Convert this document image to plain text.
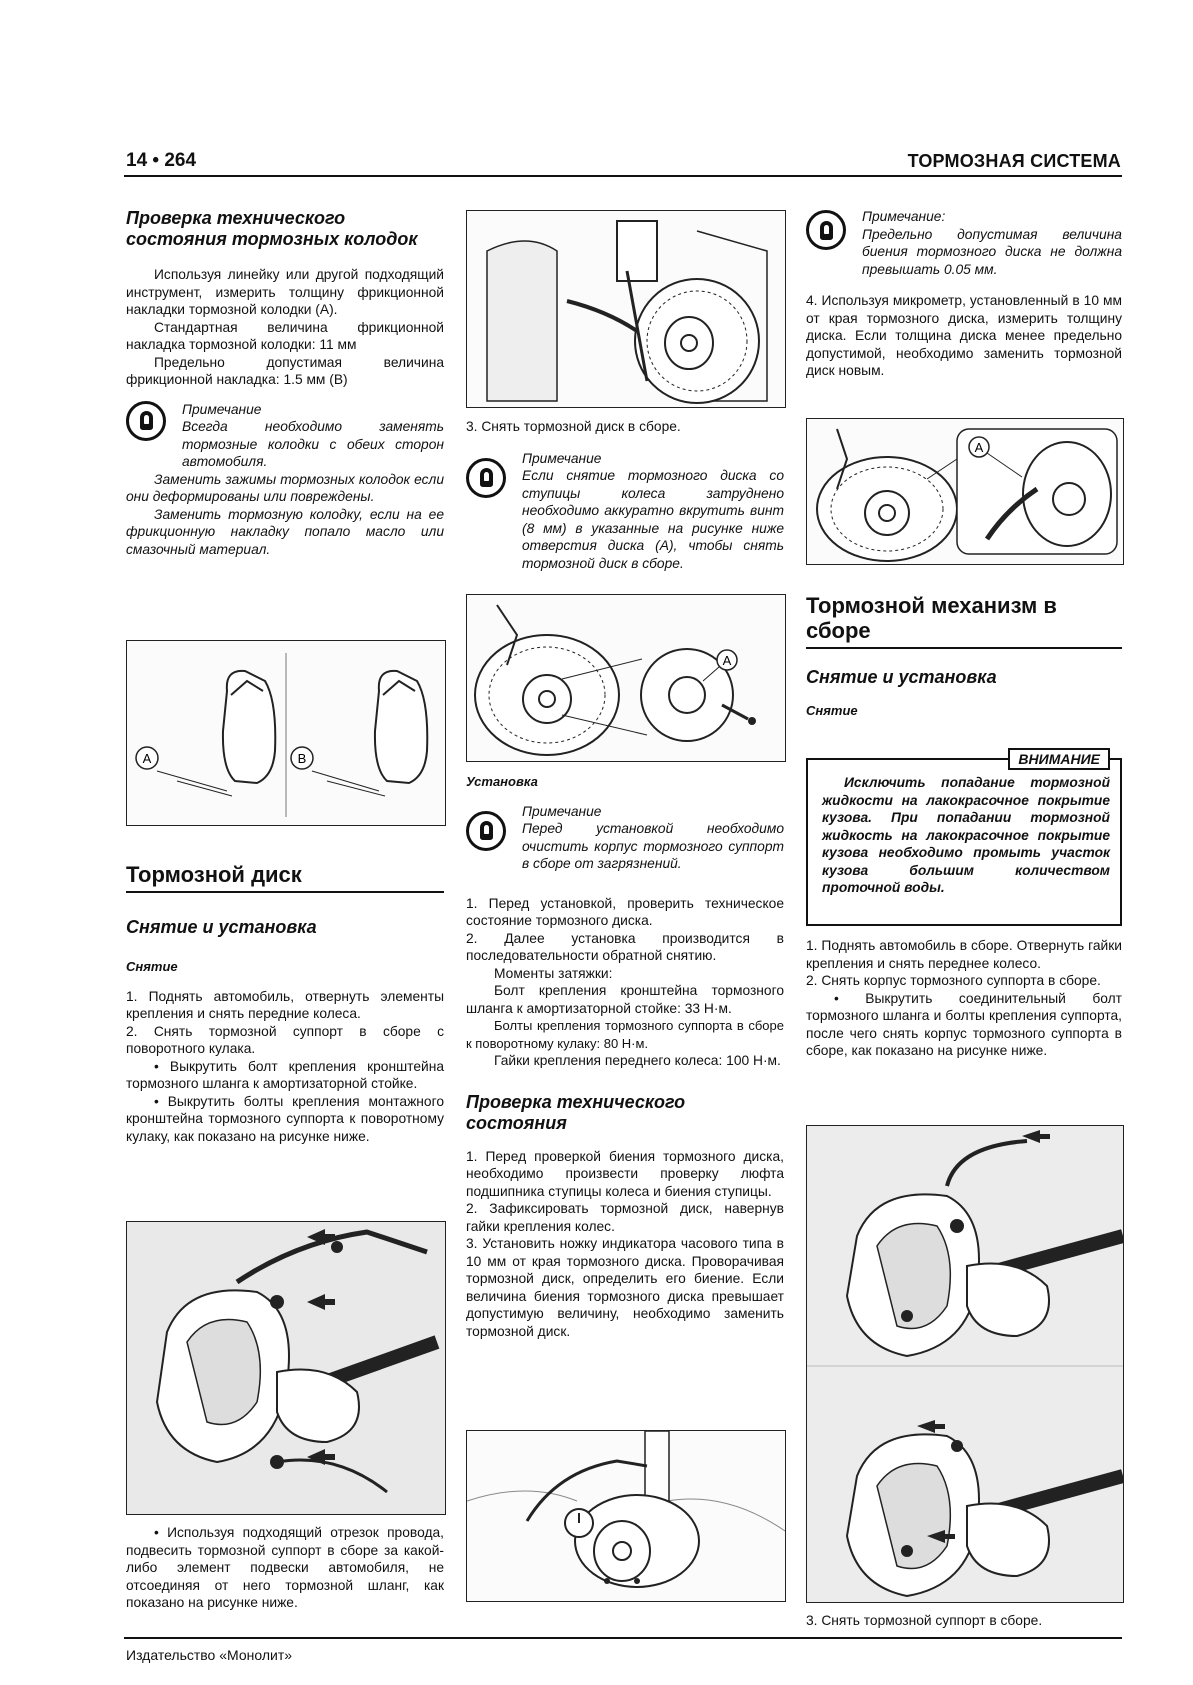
14 • 264	ТОРМОЗНАЯ СИСТЕМА
Проверка технического состояния тормозных колодок

Используя линейку или другой подходящий инструмент, измерить толщину фрикционной накладки тормозной колодки (A).

Стандартная величина фрикционной накладка тормозной колодки: 11 мм

Предельно допустимая величина фрикционной накладка: 1.5 мм (B)

Примечание

Всегда необходимо заменять тормозные колодки с обеих сторон автомобиля.

Заменить зажимы тормозных колодок если они деформированы или повреждены.

Заменить тормозную колодку, если на ее фрикционную накладку попало масло или смазочный материал.

A	B
Тормозной диск
Снятие и установка

Снятие

1. Поднять автомобиль, отвернуть элементы крепления и снять передние колеса.

2. Снять тормозной суппорт в сборе с поворотного кулака.

• Выкрутить болт крепления кронштейна тормозного шланга к амортизаторной стойке.

• Выкрутить болты крепления монтажного кронштейна тормозного суппорта к поворотному кулаку, как показано на рисунке ниже.

• Используя подходящий отрезок провода, подвесить тормозной суппорт в сборе за какой-либо элемент подвески автомобиля, не отсоединяя от него тормозной шланг, как показано на рисунке ниже.

3. Снять тормозной диск в сборе.

Примечание

Если снятие тормозного диска со ступицы колеса затруднено необходимо аккуратно вкрутить винт (8 мм) в указанные на рисунке ниже отверстия диска (A), чтобы снять тормозной диск в сборе.

A

Установка

Примечание

Перед установкой необходимо очистить корпус тормозного суппорт в сборе от загрязнений.

1. Перед установкой, проверить техническое состояние тормозного диска.

2. Далее установка производится в последовательности обратной снятию.

Моменты затяжки:

Болт крепления кронштейна тормозного шланга к амортизаторной стойке: 33 Н·м.

Болты крепления тормозного суппорта в сборе к поворотному кулаку: 80 Н·м.

Гайки крепления переднего колеса: 100 Н·м.

Проверка технического состояния

1. Перед проверкой биения тормозного диска, необходимо произвести проверку люфта подшипника ступицы колеса и биения ступицы.

2. Зафиксировать тормозной диск, навернув гайки крепления колес.

3. Установить ножку индикатора часового типа в 10 мм от края тормозного диска. Проворачивая тормозной диск, определить его биение. Если величина биения тормозного диска превышает допустимую величину, необходимо заменить тормозной диск.

Примечание:

Предельно допустимая величина биения тормозного диска не должна превышать 0.05 мм.

4. Используя микрометр, установленный в 10 мм от края тормозного диска, измерить толщину диска. Если толщина диска менее предельно допустимой, необходимо заменить тормозной диск новым.

A
Тормозной механизм в сборе
Снятие и установка

Снятие

ВНИМАНИЕ

Исключить попадание тормозной жидкости на лакокрасочное покрытие кузова. При попадании тормозной жидкость на лакокрасочное покрытие кузова необходимо промыть участок кузова большим количеством проточной воды.

1. Поднять автомобиль в сборе. Отвернуть гайки крепления и снять переднее колесо.

2. Снять корпус тормозного суппорта в сборе.

• Выкрутить соединительный болт тормозного шланга и болты крепления суппорта, после чего снять корпус тормозного суппорта в сборе, как показано на рисунке ниже.

3. Снять тормозной суппорт в сборе.

Издательство «Монолит»
